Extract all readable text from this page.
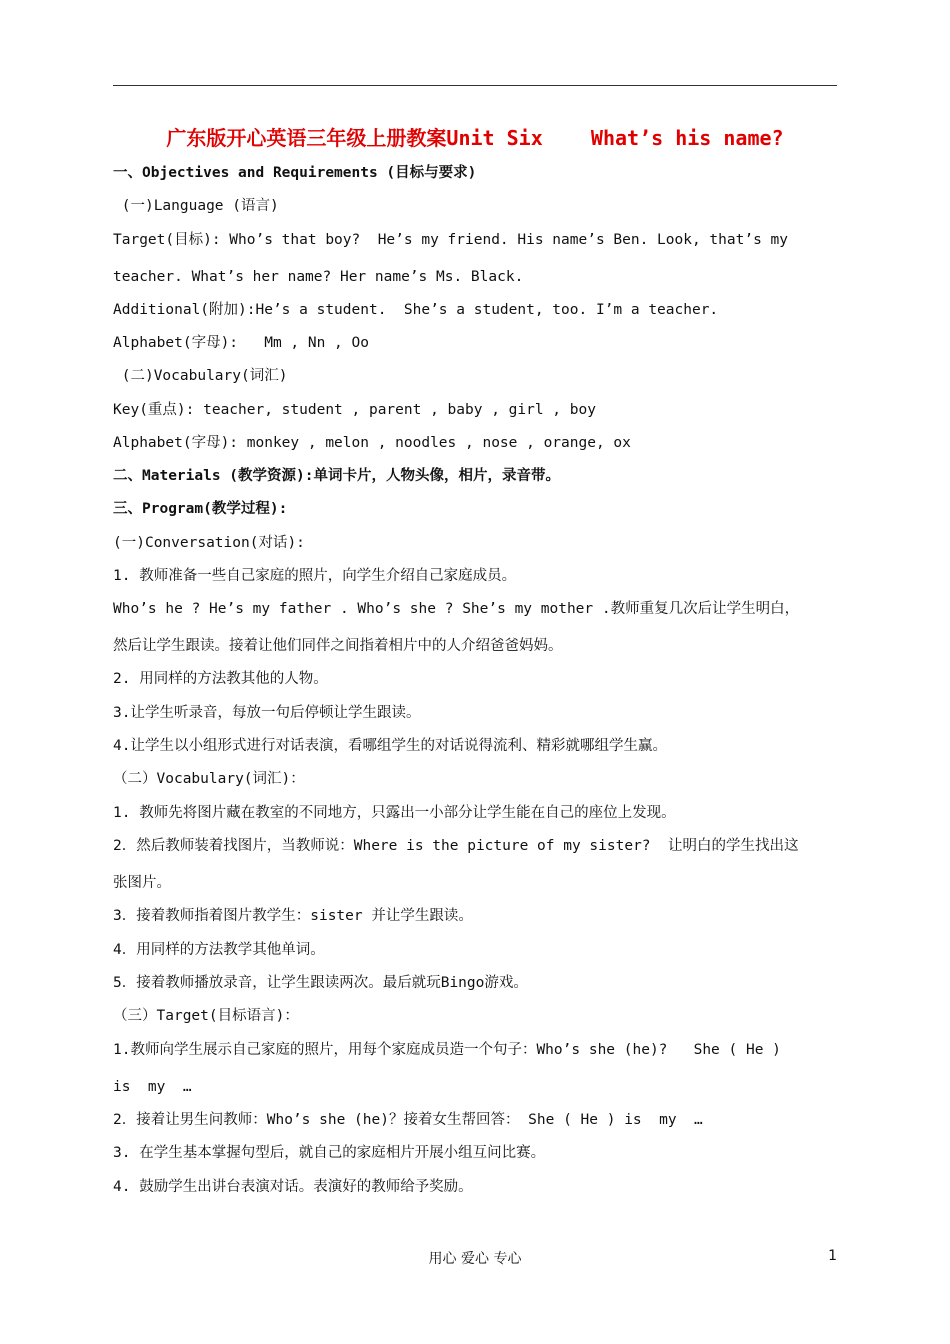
广东版开心英语三年级上册教案Unit Six    What’s his name?
一、Objectives and Requirements (目标与要求)
(一)Language (语言)
Target(目标): Who’s that boy?  He’s my friend. His name’s Ben. Look, that’s my
teacher. What’s her name? Her name’s Ms. Black.
Additional(附加):He’s a student.  She’s a student, too. I’m a teacher.
Alphabet(字母):   Mm , Nn , Oo
(二)Vocabulary(词汇)
Key(重点): teacher, student , parent , baby , girl , boy
Alphabet(字母): monkey , melon , noodles , nose , orange, ox
二、Materials (教学资源):单词卡片，人物头像，相片，录音带。
三、Program(教学过程):
(一)Conversation(对话):
1. 教师准备一些自己家庭的照片，向学生介绍自己家庭成员。
Who’s he ? He’s my father . Who’s she ? She’s my mother .教师重复几次后让学生明白，
然后让学生跟读。接着让他们同伴之间指着相片中的人介绍爸爸妈妈。
2. 用同样的方法教其他的人物。
3.让学生听录音，每放一句后停顿让学生跟读。
4.让学生以小组形式进行对话表演，看哪组学生的对话说得流利、精彩就哪组学生赢。
（二）Vocabulary(词汇)：
1. 教师先将图片藏在教室的不同地方，只露出一小部分让学生能在自己的座位上发现。
2．然后教师装着找图片，当教师说：Where is the picture of my sister?  让明白的学生找出这
张图片。
3．接着教师指着图片教学生：sister 并让学生跟读。
4．用同样的方法教学其他单词。
5．接着教师播放录音，让学生跟读两次。最后就玩Bingo游戏。
（三）Target(目标语言)：
1.教师向学生展示自己家庭的照片，用每个家庭成员造一个句子：Who’s she (he)?   She ( He )
is  my  …
2．接着让男生问教师：Who’s she (he)？接着女生帮回答： She ( He ) is  my  …
3. 在学生基本掌握句型后，就自己的家庭相片开展小组互问比赛。
4. 鼓励学生出讲台表演对话。表演好的教师给予奖励。
用心 爱心 专心	1
